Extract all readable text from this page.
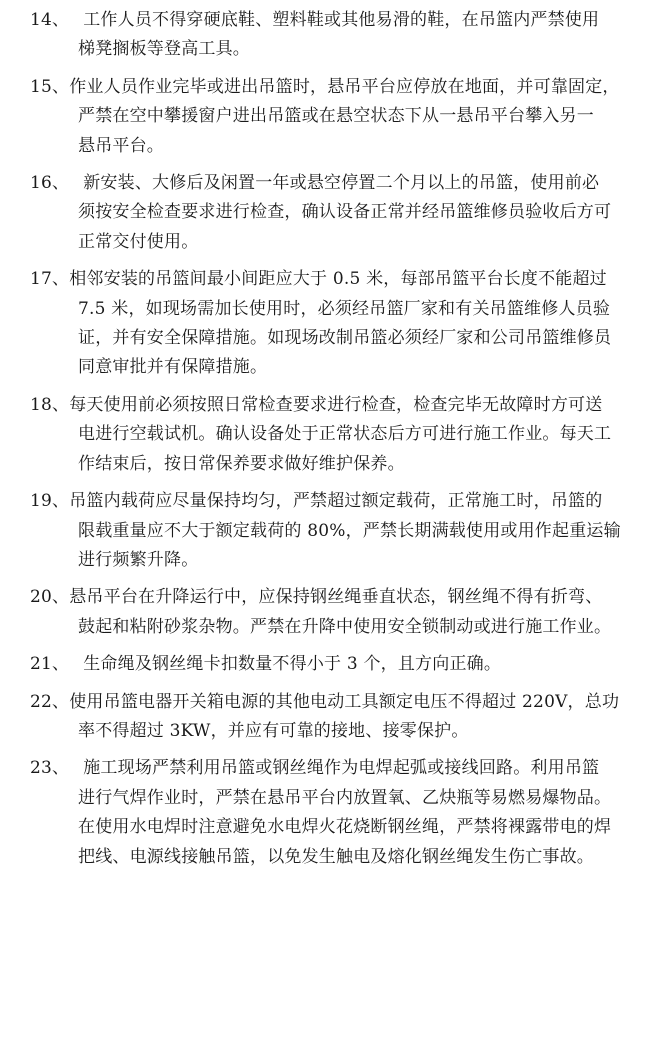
14、 工作人员不得穿硬底鞋、塑料鞋或其他易滑的鞋，在吊篮内严禁使用
梯凳搁板等登高工具。
15、作业人员作业完毕或进出吊篮时，悬吊平台应停放在地面，并可靠固定，
严禁在空中攀援窗户进出吊篮或在悬空状态下从一悬吊平台攀入另一
悬吊平台。
16、 新安装、大修后及闲置一年或悬空停置二个月以上的吊篮，使用前必
须按安全检查要求进行检查，确认设备正常并经吊篮维修员验收后方可
正常交付使用。
17、相邻安装的吊篮间最小间距应大于 0.5 米，每部吊篮平台长度不能超过
7.5 米，如现场需加长使用时，必须经吊篮厂家和有关吊篮维修人员验
证，并有安全保障措施。如现场改制吊篮必须经厂家和公司吊篮维修员
同意审批并有保障措施。
18、每天使用前必须按照日常检查要求进行检查，检查完毕无故障时方可送
电进行空载试机。确认设备处于正常状态后方可进行施工作业。每天工
作结束后，按日常保养要求做好维护保养。
19、吊篮内载荷应尽量保持均匀，严禁超过额定载荷，正常施工时，吊篮的
限载重量应不大于额定载荷的 80%，严禁长期满载使用或用作起重运输
进行频繁升降。
20、悬吊平台在升降运行中，应保持钢丝绳垂直状态，钢丝绳不得有折弯、
鼓起和粘附砂浆杂物。严禁在升降中使用安全锁制动或进行施工作业。
21、 生命绳及钢丝绳卡扣数量不得小于 3 个，且方向正确。
22、使用吊篮电器开关箱电源的其他电动工具额定电压不得超过 220V，总功
率不得超过 3KW，并应有可靠的接地、接零保护。
23、 施工现场严禁利用吊篮或钢丝绳作为电焊起弧或接线回路。利用吊篮
进行气焊作业时，严禁在悬吊平台内放置氧、乙炔瓶等易燃易爆物品。
在使用水电焊时注意避免水电焊火花烧断钢丝绳，严禁将裸露带电的焊
把线、电源线接触吊篮，以免发生触电及熔化钢丝绳发生伤亡事故。
